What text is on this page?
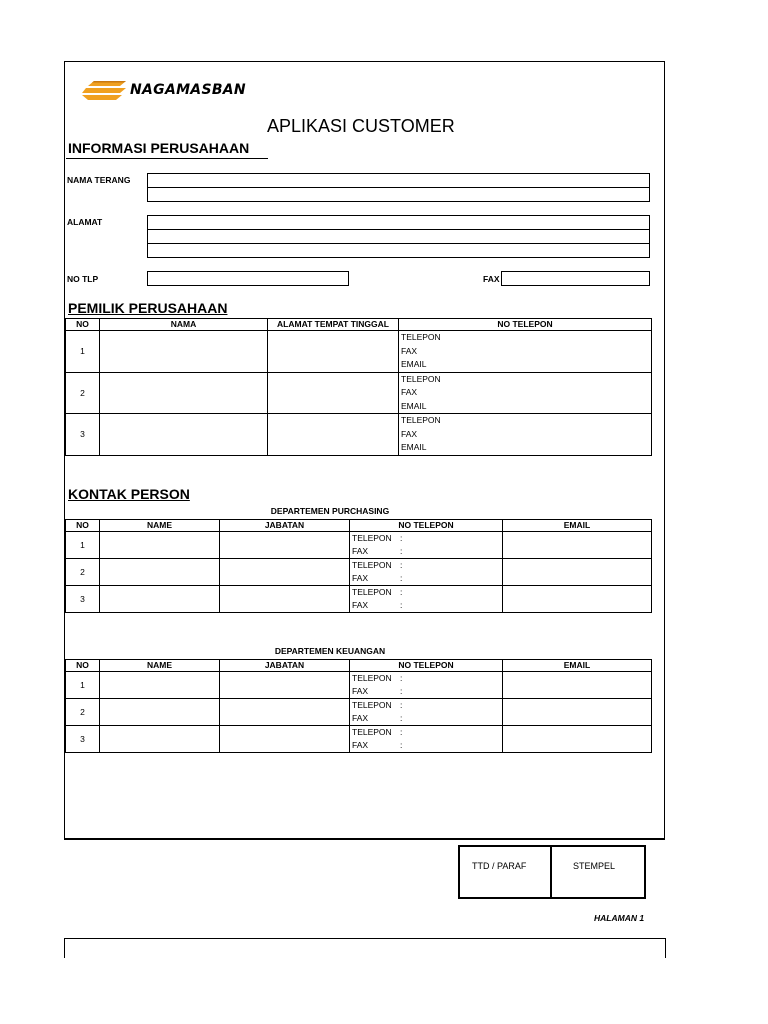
NAGAMASBAN
APLIKASI CUSTOMER
INFORMASI PERUSAHAAN
NAMA TERANG
ALAMAT
NO TLP	FAX
PEMILIK PERUSAHAAN
NO	NAMA	ALAMAT TEMPAT TINGGAL	NO TELEPON
1			TELEPON
FAX
EMAIL

2			TELEPON
FAX
EMAIL

3			TELEPON
FAX
EMAIL
KONTAK PERSON
DEPARTEMEN PURCHASING
NO	NAME	JABATAN	NO TELEPON	EMAIL
1			TELEPON :
FAX :	

2			TELEPON :
FAX :	

3			TELEPON :
FAX :	

DEPARTEMEN KEUANGAN
NO	NAME	JABATAN	NO TELEPON	EMAIL
1			TELEPON :
FAX :	

2			TELEPON :
FAX :	

3			TELEPON :
FAX :	

TTD / PARAF	STEMPEL
HALAMAN 1
